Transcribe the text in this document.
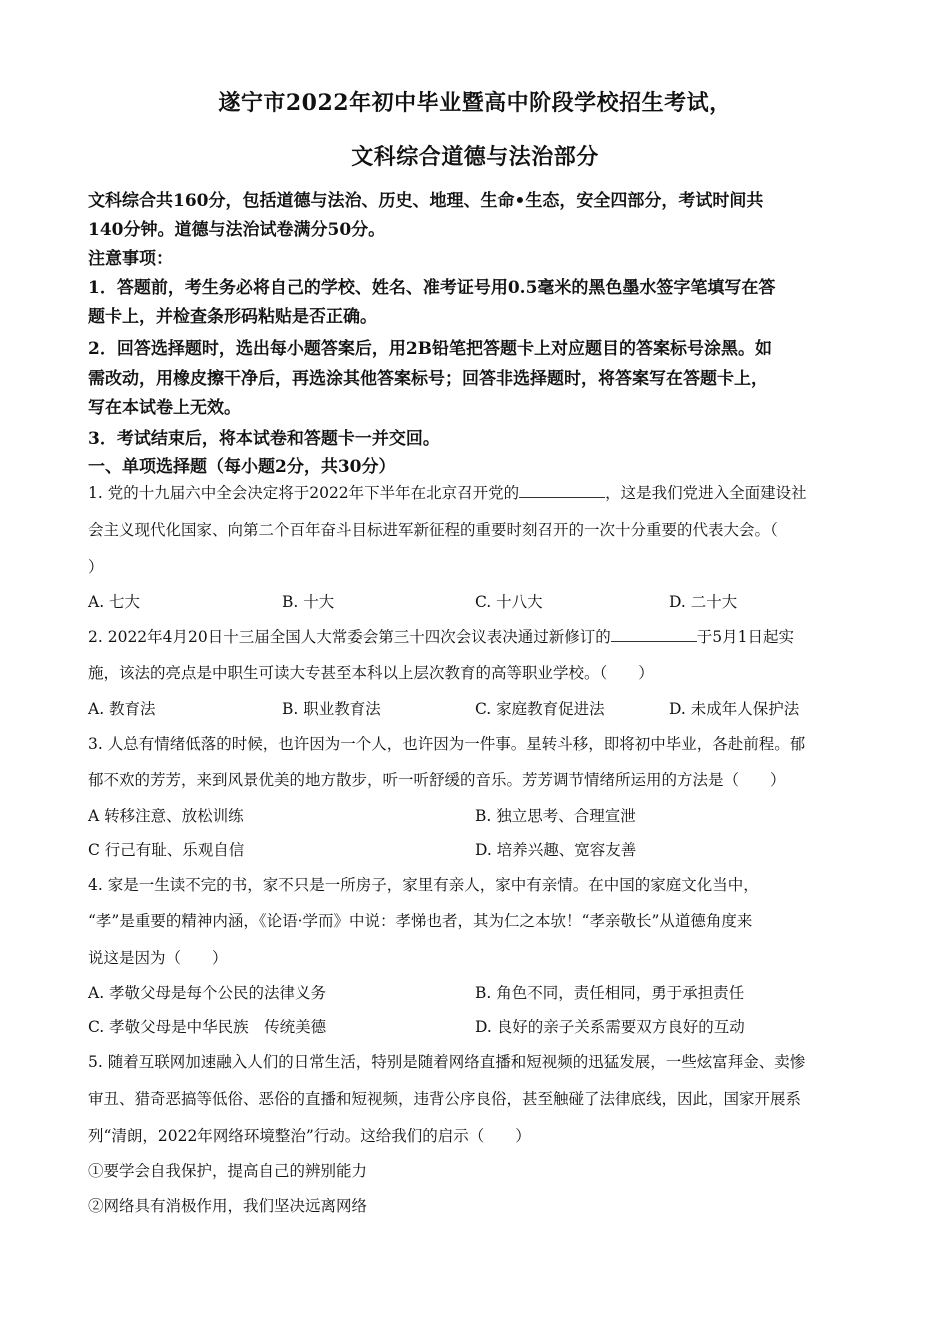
遂宁市2022年初中毕业暨高中阶段学校招生考试，
文科综合道德与法治部分
文科综合共160分，包括道德与法治、历史、地理、生命•生态，安全四部分，考试时间共
140分钟。道德与法治试卷满分50分。
注意事项：
1．答题前，考生务必将自己的学校、姓名、准考证号用0.5毫米的黑色墨水签字笔填写在答
题卡上，并检查条形码粘贴是否正确。
2．回答选择题时，选出每小题答案后，用2B铅笔把答题卡上对应题目的答案标号涂黑。如
需改动，用橡皮擦干净后，再选涂其他答案标号；回答非选择题时，将答案写在答题卡上，
写在本试卷上无效。
3．考试结束后，将本试卷和答题卡一并交回。
一、单项选择题（每小题2分，共30分）
1. 党的十九届六中全会决定将于2022年下半年在北京召开党的	，这是我们党进入全面建设社
会主义现代化国家、向第二个百年奋斗目标进军新征程的重要时刻召开的一次十分重要的代表大会。（
）
A. 七大	B. 十大	C. 十八大	D. 二十大
2. 2022年4月20日十三届全国人大常委会第三十四次会议表决通过新修订的	于5月1日起实
施，该法的亮点是中职生可读大专甚至本科以上层次教育的高等职业学校。（　　）
A. 教育法	B. 职业教育法	C. 家庭教育促进法	D. 未成年人保护法
3. 人总有情绪低落的时候，也许因为一个人，也许因为一件事。星转斗移，即将初中毕业，各赴前程。郁
郁不欢的芳芳，来到风景优美的地方散步，听一听舒缓的音乐。芳芳调节情绪所运用的方法是（　　）
A 转移注意、放松训练	B. 独立思考、合理宣泄
C 行己有耻、乐观自信	D. 培养兴趣、宽容友善
4. 家是一生读不完的书，家不只是一所房子，家里有亲人，家中有亲情。在中国的家庭文化当中，
“孝”是重要的精神内涵，《论语·学而》中说：孝悌也者，其为仁之本欤！“孝亲敬长”从道德角度来
说这是因为（　　）
A. 孝敬父母是每个公民的法律义务	B. 角色不同，责任相同，勇于承担责任
C. 孝敬父母是中华民族　传统美德	D. 良好的亲子关系需要双方良好的互动
5. 随着互联网加速融入人们的日常生活，特别是随着网络直播和短视频的迅猛发展，一些炫富拜金、卖惨
审丑、猎奇恶搞等低俗、恶俗的直播和短视频，违背公序良俗，甚至触碰了法律底线，因此，国家开展系
列“清朗，2022年网络环境整治”行动。这给我们的启示（　　）
①要学会自我保护，提高自己的辨别能力
②网络具有消极作用，我们坚决远离网络
